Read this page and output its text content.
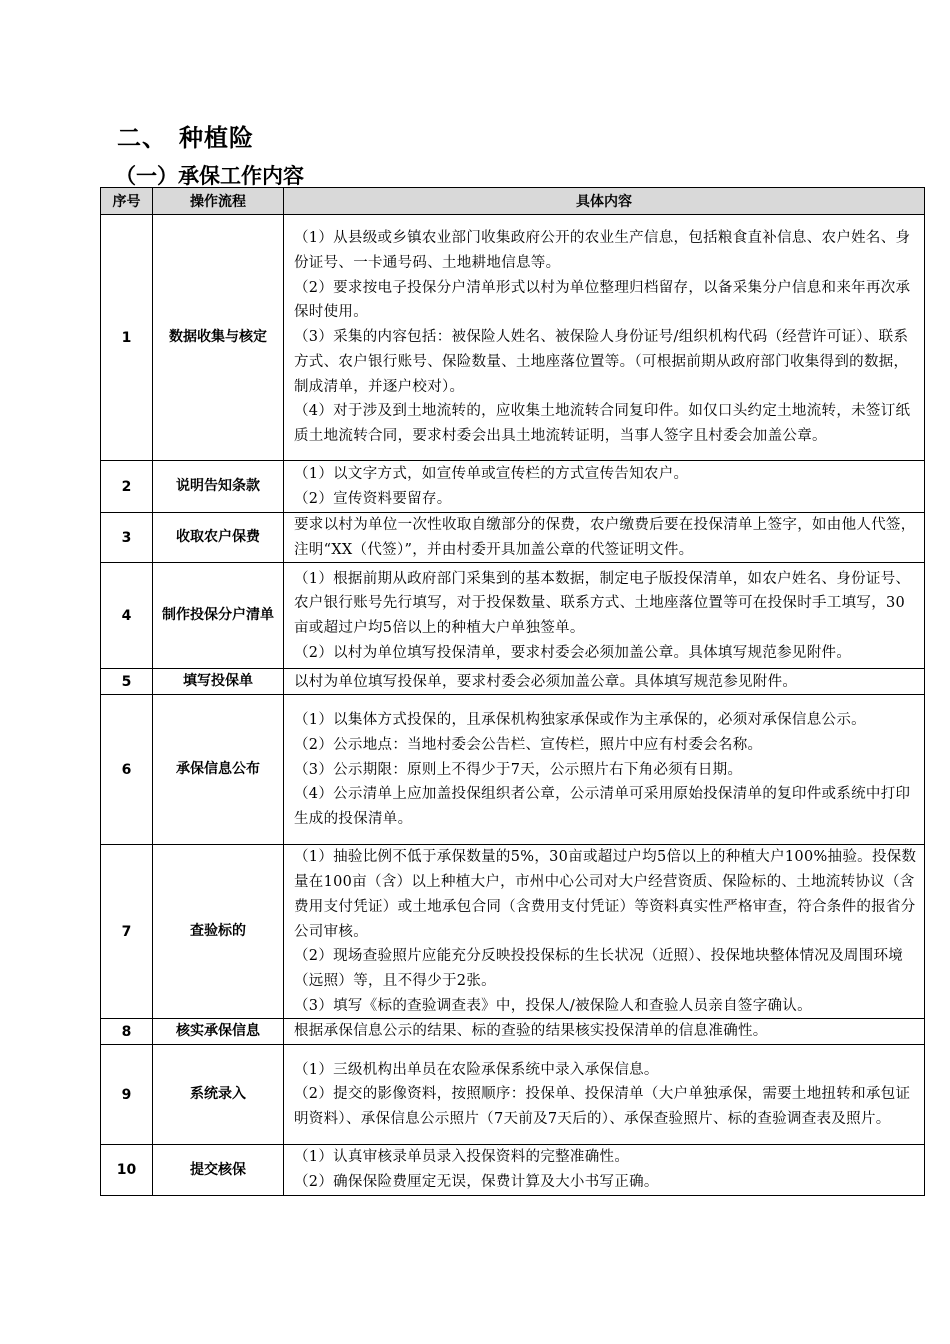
二、 种植险
（一）承保工作内容
序号	操作流程	具体内容
1	数据收集与核定	（1）从县级或乡镇农业部门收集政府公开的农业生产信息，包括粮食直补信息、农户姓名、身份证号、一卡通号码、土地耕地信息等。

（2）要求按电子投保分户清单形式以村为单位整理归档留存，以备采集分户信息和来年再次承保时使用。

（3）采集的内容包括：被保险人姓名、被保险人身份证号/组织机构代码（经营许可证）、联系方式、农户银行账号、保险数量、土地座落位置等。（可根据前期从政府部门收集得到的数据，制成清单，并逐户校对）。

（4）对于涉及到土地流转的，应收集土地流转合同复印件。如仅口头约定土地流转，未签订纸质土地流转合同，要求村委会出具土地流转证明，当事人签字且村委会加盖公章。

2	说明告知条款	（1）以文字方式，如宣传单或宣传栏的方式宣传告知农户。

（2）宣传资料要留存。

3	收取农户保费	要求以村为单位一次性收取自缴部分的保费，农户缴费后要在投保清单上签字，如由他人代签，注明“XX（代签）”，并由村委开具加盖公章的代签证明文件。

4	制作投保分户清单	（1）根据前期从政府部门采集到的基本数据，制定电子版投保清单，如农户姓名、身份证号、农户银行账号先行填写，对于投保数量、联系方式、土地座落位置等可在投保时手工填写，30亩或超过户均5倍以上的种植大户单独签单。

（2）以村为单位填写投保清单，要求村委会必须加盖公章。具体填写规范参见附件。

5	填写投保单	以村为单位填写投保单，要求村委会必须加盖公章。具体填写规范参见附件。

6	承保信息公布	（1）以集体方式投保的，且承保机构独家承保或作为主承保的，必须对承保信息公示。

（2）公示地点：当地村委会公告栏、宣传栏，照片中应有村委会名称。

（3）公示期限：原则上不得少于7天，公示照片右下角必须有日期。

（4）公示清单上应加盖投保组织者公章，公示清单可采用原始投保清单的复印件或系统中打印生成的投保清单。

7	查验标的	（1）抽验比例不低于承保数量的5%，30亩或超过户均5倍以上的种植大户100%抽验。投保数量在100亩（含）以上种植大户，市州中心公司对大户经营资质、保险标的、土地流转协议（含费用支付凭证）或土地承包合同（含费用支付凭证）等资料真实性严格审查，符合条件的报省分公司审核。

（2）现场查验照片应能充分反映投投保标的生长状况（近照）、投保地块整体情况及周围环境（远照）等，且不得少于2张。

（3）填写《标的查验调查表》中，投保人/被保险人和查验人员亲自签字确认。

8	核实承保信息	根据承保信息公示的结果、标的查验的结果核实投保清单的信息准确性。

9	系统录入	（1）三级机构出单员在农险承保系统中录入承保信息。

（2）提交的影像资料，按照顺序：投保单、投保清单（大户单独承保，需要土地扭转和承包证明资料）、承保信息公示照片（7天前及7天后的）、承保查验照片、标的查验调查表及照片。

10	提交核保	（1）认真审核录单员录入投保资料的完整准确性。

（2）确保保险费厘定无误，保费计算及大小书写正确。
